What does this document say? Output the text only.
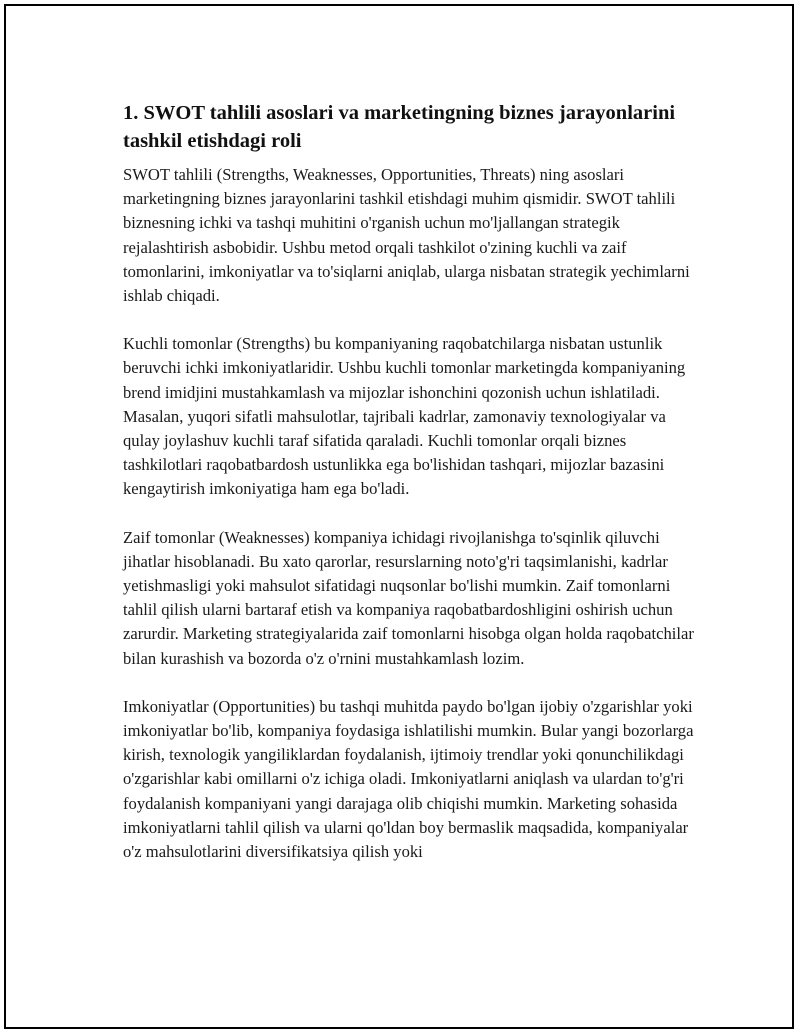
1. SWOT tahlili asoslari va marketingning biznes jarayonlarini tashkil etishdagi roli

SWOT tahlili (Strengths, Weaknesses, Opportunities, Threats) ning asoslari marketingning biznes jarayonlarini tashkil etishdagi muhim qismidir. SWOT tahlili biznesning ichki va tashqi muhitini o'rganish uchun mo'ljallangan strategik rejalashtirish asbobidir. Ushbu metod orqali tashkilot o'zining kuchli va zaif tomonlarini, imkoniyatlar va to'siqlarni aniqlab, ularga nisbatan strategik yechimlarni ishlab chiqadi.

Kuchli tomonlar (Strengths) bu kompaniyaning raqobatchilarga nisbatan ustunlik beruvchi ichki imkoniyatlaridir. Ushbu kuchli tomonlar marketingda kompaniyaning brend imidjini mustahkamlash va mijozlar ishonchini qozonish uchun ishlatiladi. Masalan, yuqori sifatli mahsulotlar, tajribali kadrlar, zamonaviy texnologiyalar va qulay joylashuv kuchli taraf sifatida qaraladi. Kuchli tomonlar orqali biznes tashkilotlari raqobatbardosh ustunlikka ega bo'lishidan tashqari, mijozlar bazasini kengaytirish imkoniyatiga ham ega bo'ladi.

Zaif tomonlar (Weaknesses) kompaniya ichidagi rivojlanishga to'sqinlik qiluvchi jihatlar hisoblanadi. Bu xato qarorlar, resurslarning noto'g'ri taqsimlanishi, kadrlar yetishmasligi yoki mahsulot sifatidagi nuqsonlar bo'lishi mumkin. Zaif tomonlarni tahlil qilish ularni bartaraf etish va kompaniya raqobatbardoshligini oshirish uchun zarurdir. Marketing strategiyalarida zaif tomonlarni hisobga olgan holda raqobatchilar bilan kurashish va bozorda o'z o'rnini mustahkamlash lozim.

Imkoniyatlar (Opportunities) bu tashqi muhitda paydo bo'lgan ijobiy o'zgarishlar yoki imkoniyatlar bo'lib, kompaniya foydasiga ishlatilishi mumkin. Bular yangi bozorlarga kirish, texnologik yangiliklardan foydalanish, ijtimoiy trendlar yoki qonunchilikdagi o'zgarishlar kabi omillarni o'z ichiga oladi. Imkoniyatlarni aniqlash va ulardan to'g'ri foydalanish kompaniyani yangi darajaga olib chiqishi mumkin. Marketing sohasida imkoniyatlarni tahlil qilish va ularni qo'ldan boy bermaslik maqsadida, kompaniyalar o'z mahsulotlarini diversifikatsiya qilish yoki
